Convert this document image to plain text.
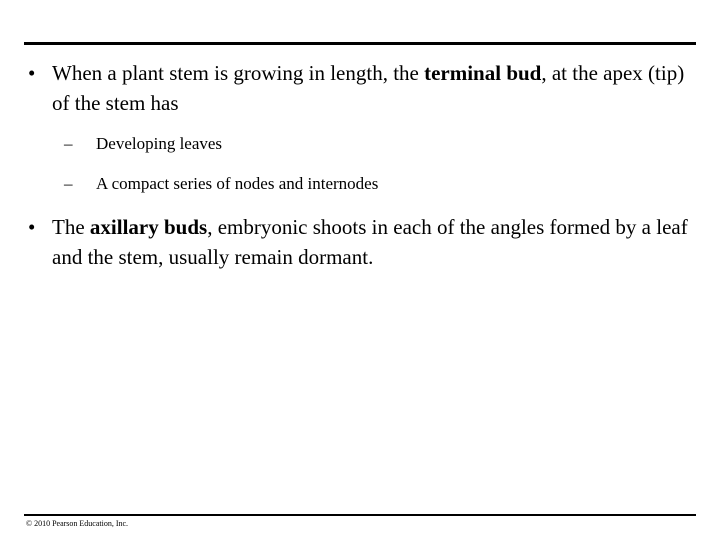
• When a plant stem is growing in length, the terminal bud, at the apex (tip) of the stem has
– Developing leaves
– A compact series of nodes and internodes
• The axillary buds, embryonic shoots in each of the angles formed by a leaf and the stem, usually remain dormant.
© 2010 Pearson Education, Inc.
